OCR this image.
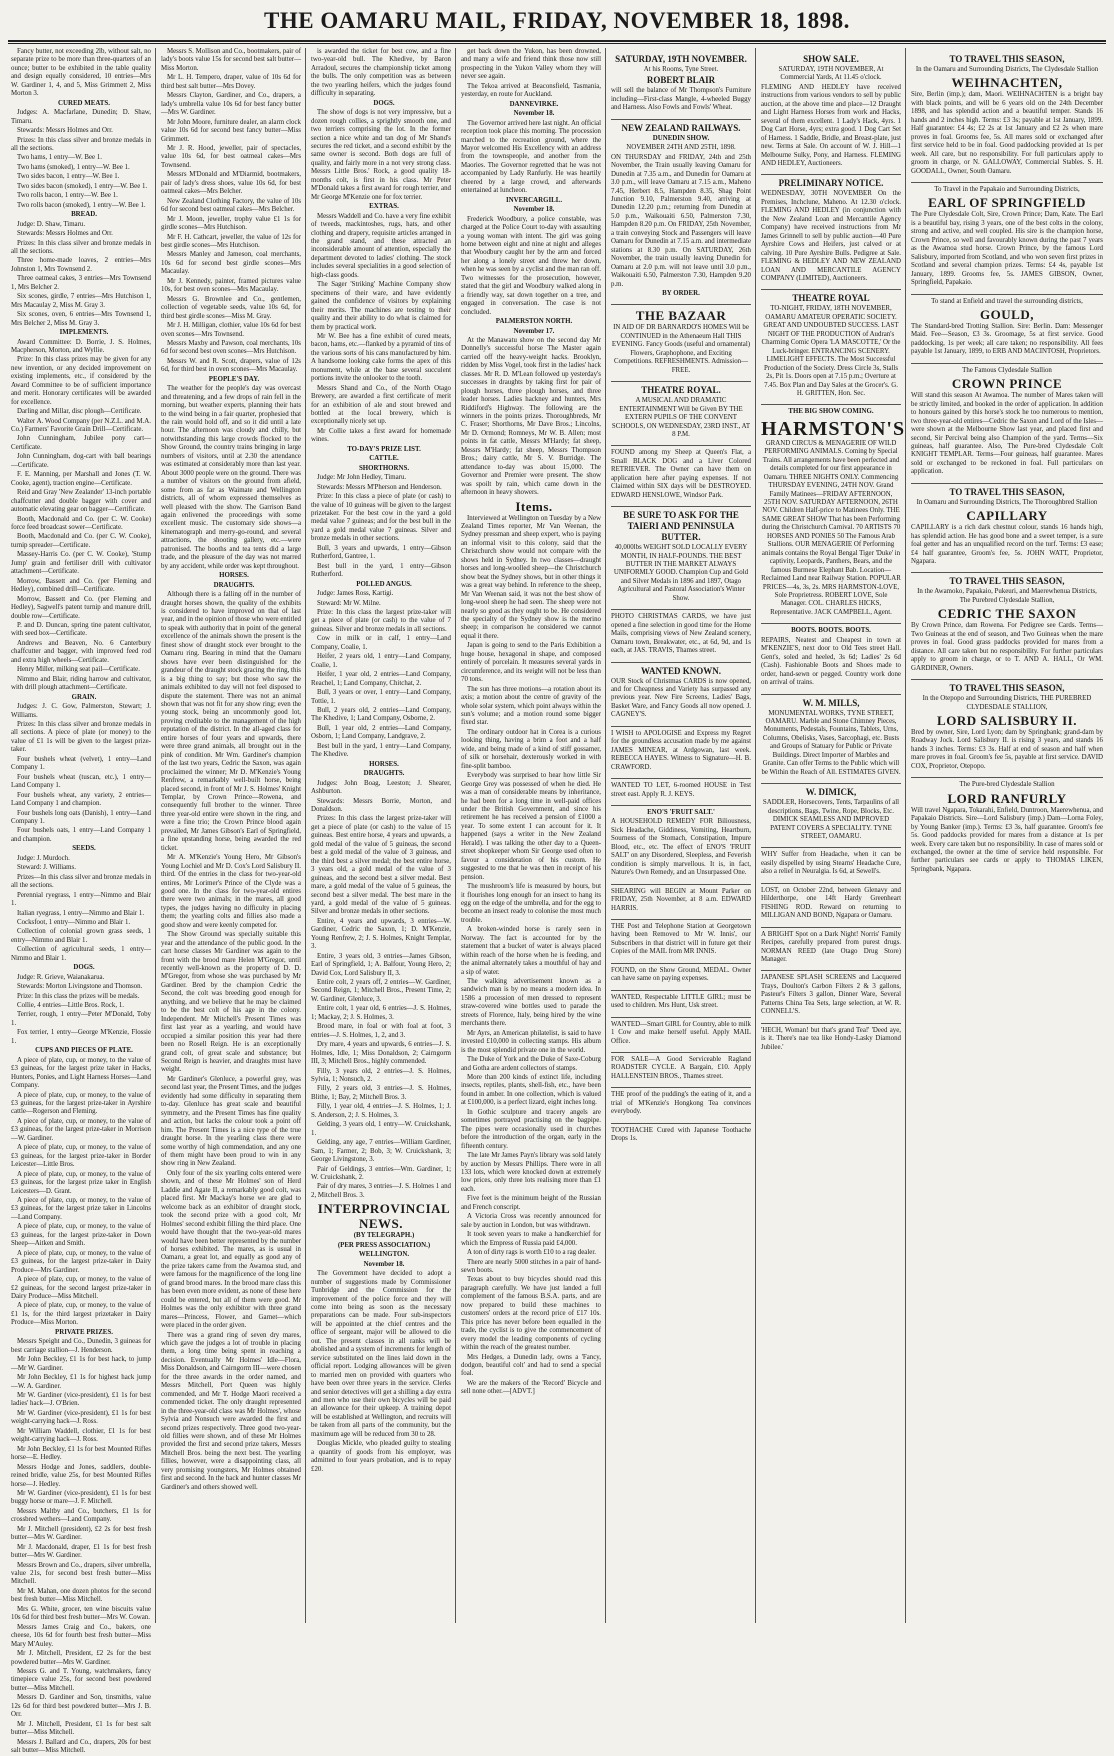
THE OAMARU MAIL, FRIDAY, NOVEMBER 18, 1898.

Fancy butter, not exceeding 2lb, without salt, no separate prize to be more than three-quarters of an ounce; butter to be exhibited in the table quality and design equally considered, 10 entries—Mrs W. Gardiner 1, 4, and 5, Miss Grimmett 2, Miss Morton 3.

CURED MEATS.

Judges: A. Macfarlane, Dunedin; D. Shaw, Timaru.

Stewards: Messrs Holmes and Orr.

Prizes: In this class silver and bronze medals in all the sections.

Two hams, 1 entry—W. Bee 1.

Two hams (smoked), 1 entry—W. Bee 1.

Two sides bacon, 1 entry—W. Bee 1.

Two sides bacon (smoked), 1 entry—W. Bee 1.

Two rolls bacon, 1 entry—W. Bee 1.

Two rolls bacon (smoked), 1 entry—W. Bee 1.

BREAD.

Judge: D. Shaw, Timaru.

Stewards: Messrs Holmes and Orr.

Prizes: In this class silver and bronze medals in all the sections.

Three home-made loaves, 2 entries—Mrs Johnston 1, Mrs Townsend 2.

Three oatmeal cakes, 3 entries—Mrs Townsend 1, Mrs Belcher 2.

Six scones, girdle, 7 entries—Mrs Hutchison 1, Mrs Macaulay 2, Miss M. Gray 3.

Six scones, oven, 6 entries—Mrs Townsend 1, Mrs Belcher 2, Miss M. Gray 3.

IMPLEMENTS.

Award Committee: D. Borrie, J. S. Holmes, Macpherson, Morton, and Wyllie.

Prize: In this class prizes may be given for any new invention, or any decided improvement on existing implements, etc., if considered by the Award Committee to be of sufficient importance and merit. Honorary certificates will be awarded for excellence.

Darling and Millar, disc plough—Certificate.

Walter A. Wood Company (per N.Z.L. and M.A. Co.) Farmers' Favorite Grain Drill—Certificate.

John Cunningham, Jubilee pony cart—Certificate.

John Cunningham, dog-cart with ball bearings—Certificate.

F. E. Manning, per Marshall and Jones (T. W. Cooke, agent), traction engine—Certificate.

Reid and Gray 'New Zealander' 13-inch portable chaffcutter and double bagger with cover and automatic elevating gear on bagger—Certificate.

Booth, Macdonald and Co. (per C. W. Cooke) force feed broadcast sower—Certificate.

Booth, Macdonald and Co. (per C. W. Cooke), turnip spreader—Certificate.

Massey-Harris Co. (per C. W. Cooke), 'Stump Jump' grain and fertiliser drill with cultivator attachment—Certificate.

Morrow, Bassett and Co. (per Fleming and Hedley), combined drill—Certificate.

Morrow, Bassett and Co. (per Fleming and Hedley), Sagwell's patent turnip and manure drill, double row—Certificate.

P. and D. Duncan, spring tine patent cultivator, with seed box—Certificate.

Andrews and Beaven, No. 6 Canterbury chaffcutter and bagger, with improved feed rod and extra high wheels—Certificate.

Henry Miller, milking seat pail—Certificate.

Nimmo and Blair, riding harrow and cultivator, with drill plough attachment—Certificate.

GRAIN.

Judges: J. C. Gow, Palmerston, Stewart; J. Williams.

Prizes: In this class silver and bronze medals in all sections. A piece of plate (or money) to the value of £1 1s will be given to the largest prize-taker.

Four bushels wheat (velvet), 1 entry—Land Company 1.

Four bushels wheat (tuscan, etc.), 1 entry—Land Company 1.

Four bushels wheat, any variety, 2 entries—Land Company 1 and champion.

Four bushels long oats (Danish), 1 entry—Land Company 1.

Four bushels oats, 1 entry—Land Company 1 and champion.

SEEDS.

Judge: J. Murdoch.

Steward: J. Williams.

Prizes—In this class silver and bronze medals in all the sections.

Perennial ryegrass, 1 entry—Nimmo and Blair 1.

Italian ryegrass, 1 entry—Nimmo and Blair 1.

Cocksfoot, 1 entry—Nimmo and Blair 1.

Collection of colonial grown grass seeds, 1 entry—Nimmo and Blair 1.

Collection of agricultural seeds, 1 entry—Nimmo and Blair 1.

DOGS.

Judge: R. Grieve, Waianakarua.

Stewards: Morton Livingstone and Thomson.

Prize: In this class the prizes will be medals.

Collie, 4 entries—Little Bros. Rock, 1.

Terrier, rough, 1 entry—Peter M'Donald, Toby 1.

Fox terrier, 1 entry—George M'Kenzie, Flossie 1.

CUPS AND PIECES OF PLATE.

A piece of plate, cup, or money, to the value of £3 guineas, for the largest prize taker in Hacks, Hunters, Ponies, and Light Harness Horses—Land Company.

A piece of plate, cup, or money, to the value of £3 guineas, for the largest prize-taker in Ayrshire cattle—Rogerson and Fleming.

A piece of plate, cup, or money, to the value of £3 guineas, for the largest prize-taker in Morrison—W. Gardiner.

A piece of plate, cup, or money, to the value of £3 guineas, for the largest prize-taker in Border Leicester—Little Bros.

A piece of plate, cup, or money, to the value of £3 guineas, for the largest prize taker in English Leicesters—D. Grant.

A piece of plate, cup, or money, to the value of £3 guineas, for the largest prize taker in Lincolns—Land Company.

A piece of plate, cup, or money, to the value of £3 guineas, for the largest prize-taker in Down Sheep—Aitken and Smith.

A piece of plate, cup, or money, to the value of £3 guineas, for the largest prize-taker in Dairy Produce—Mrs Gardiner.

A piece of plate, cup, or money, to the value of £2 guineas, for the second largest prize-taker in Dairy Produce—Miss Mitchell.

A piece of plate, cup, or money, to the value of £1 1s, for the third largest prizetaker in Dairy Produce—Miss Morton.

PRIVATE PRIZES.

Messrs Speight and Co., Dunedin, 3 guineas for best carriage stallion—J. Henderson.

Mr John Beckley, £1 1s for best hack, to jump—Mr W. Gardiner.

Mr John Beckley, £1 1s for highest hack jump—W. A. Gardiner.

Mr W. Gardiner (vice-president), £1 1s for best ladies' hack—J. O'Brien.

Mr W. Gardiner (vice-president), £1 1s for best weight-carrying hack—J. Ross.

Mr William Waddell, clothier, £1 1s for best weight-carrying hack—J. Ross.

Mr John Beckley, £1 1s for best Mounted Rifles horse—E. Hedley.

Messrs Hodge and Jones, saddlers, double-reined bridle, value 25s, for best Mounted Rifles horse—J. Hedley.

Mr W. Gardiner (vice-president), £1 1s for best buggy horse or mare—J. F. Mitchell.

Messrs Maltby and Co., butchers, £1 1s for crossbred wethers—Land Company.

Mr J. Mitchell (president), £2 2s for best fresh butter—Mrs W. Gardiner.

Mr J. Macdonald, draper, £1 1s for best fresh butter—Mrs W. Gardiner.

Messrs Brown and Co., drapers, silver umbrella, value 21s, for second best fresh butter—Miss Mitchell.

Mr M. Mahan, one dozen photos for the second best fresh butter—Miss Mitchell.

Mrs G. White, grocer, ten wine biscuits value 10s 6d for third best fresh butter—Mrs W. Cowan.

Messrs James Craig and Co., bakers, one cheese, 10s 6d for fourth best fresh butter—Miss Mary M'Auley.

Mr J. Mitchell, President, £2 2s for the best powdered butter—Mrs W. Gardiner.

Messrs G. and T. Young, watchmakers, fancy timepiece value 25s, for second best powdered butter—Miss Mitchell.

Messrs D. Gardiner and Son, tinsmiths, value 12s 6d for third best powdered butter—Mrs J. B. Orr.

Mr J. Mitchell, President, £1 1s for best salt butter—Miss Mitchell.

Messrs J. Ballard and Co., drapers, 20s for best salt butter—Miss Mitchell.

Messrs S. Mollison and Co., bootmakers, pair of lady's boots value 15s for second best salt butter—Miss Morton.

Mr L. H. Tempero, draper, value of 10s 6d for third best salt butter—Mrs Dovey.

Messrs Clayton, Gardiner, and Co., drapers, a lady's umbrella value 10s 6d for best fancy butter—Mrs W. Gardiner.

Mr John Moore, furniture dealer, an alarm clock value 10s 6d for second best fancy butter—Miss Grimmett.

Mr J. R. Hood, jeweller, pair of spectacles, value 10s 6d, for best oatmeal cakes—Mrs Townsend.

Messrs M'Donald and M'Diarmid, bootmakers, pair of lady's dress shoes, value 10s 6d, for best oatmeal cakes—Mrs Belcher.

New Zealand Clothing Factory, the value of 10s 6d for second best oatmeal cakes—Mrs Belcher.

Mr J. Moon, jeweller, trophy value £1 1s for girdle scones—Mrs Hutchison.

Mr F. H. Cathcart, jeweller, the value of 12s for best girdle scones—Mrs Hutchison.

Messrs Manley and Jameson, coal merchants, 10s 6d for second best girdle scones—Mrs Macaulay.

Mr J. Kennedy, painter, framed pictures value 10s, for best oven scones—Mrs Macaulay.

Messrs G. Brownlee and Co., gentlemen, collection of vegetable seeds, value 10s 6d, for third best girdle scones—Miss M. Gray.

Mr J. H. Milligan, clothier, value 10s 6d for best oven scones—Mrs Townsend.

Messrs Maxby and Pawson, coal merchants, 10s 6d for second best oven scones—Mrs Hutchison.

Messrs W. and R. Scott, drapers, value of 12s 6d, for third best in oven scones—Mrs Macaulay.

PEOPLE'S DAY.

The weather for the people's day was overcast and threatening, and a few drops of rain fell in the morning, but weather experts, planning their hats to the wind being in a fair quarter, prophesied that the rain would hold off, and so it did until a late hour. The afternoon was cloudy and chilly, but notwithstanding this large crowds flocked to the Show Ground, the country trains bringing in large numbers of visitors, until at 2.30 the attendance was estimated at considerably more than last year. About 3000 people were on the ground. There was a number of visitors on the ground from afield, some from as far as Waimate and Wellington districts, all of whom expressed themselves as well pleased with the show. The Garrison Band again enlivened the proceedings with some excellent music. The customary side shows—a kinematograph and merry-go-round, and several attractions, the shooting gallery, etc.—were patronised. The booths and tea tents did a large trade, and the pleasure of the day was not marred by any accident, while order was kept throughout.

HORSES.

DRAUGHTS.

Although there is a falling off in the number of draught horses shown, the quality of the exhibits is considered to have improved on that of last year, and in the opinion of those who were entitled to speak with authority that in point of the general excellence of the animals shown the present is the finest show of draught stock ever brought to the Oamaru ring. Bearing in mind that the Oamaru shows have ever been distinguished for the grandeur of the draught stock gracing the ring, this is a big thing to say; but those who saw the animals exhibited to day will not feel disposed to dispute the statement. There was not an animal shown that was not fit for any show ring; even the young stock, being an uncommonly good lot, proving creditable to the management of the high reputation of the district. In the all-aged class for entire horses of four years and upwards, there were three grand animals, all brought out in the pink of condition. Mr Wm. Gardiner's champion of the last two years, Cedric the Saxon, was again proclaimed the winner; Mr D. M'Kenzie's Young Renfrew, a remarkably well-built horse, being placed second, in front of Mr J. S. Holmes' Knight Templar, by Crown Prince—Rowena, and consequently full brother to the winner. Three three year-old entire were shown in the ring, and were a fine trio; the Crown Prince blood again prevailed, Mr James Gibson's Earl of Springfield, a fine upstanding horse, being awarded the red ticket.

Mr A. M'Kenzie's Young Hero, Mr Gibson's Young Lochiel and Mr D. Cox's Lord Salisbury II. third. Of the entries in the class for two-year-old entires, Mr Lorimer's Prince of the Clyde was a good one. In the class for two-year-old entires there were two animals; in the mares, all good types, the judges having no difficulty in placing them; the yearling colts and fillies also made a good show and were keenly competed for.

The Show Ground was specially suitable this year and the attendance of the public good. In the cart horse classes Mr Gardiner was again to the front with the brood mare Helen M'Gregor, until recently well-known as the property of D. D. M'Gregor, from whose she was purchased by Mr Gardiner. Bred by the champion Cedric the Second, the colt was breeding good enough for anything, and we believe that he may be claimed to be the best colt of his age in the colony. Independent. Mr Mitchell's Present Times was first last year as a yearling, and would have occupied a similar position this year had there been no Rosell Reign. He is an exceptionally grand colt, of great scale and substance; but Second Reign is heavier, and draughts must have weight.

Mr Gardiner's Glenluce, a powerful grey, was second last year, the Present Times, and the judges evidently had some difficulty in separating them to-day. Glenluce has great scale and beautiful symmetry, and the Present Times has fine quality and action, but lacks the colour took a point off him. The Present Times is a nice type of the true draught horse. In the yearling class there were some worthy of high commendation, and any one of them might have been proud to win in any show ring in New Zealand.

Only four of the six yearling colts entered were shown, and of these Mr Holmes' son of Herd Laddie and Agate II, a remarkably good colt, was placed first. Mr Mackay's horse we are glad to welcome back as an exhibitor of draught stock, took the second prize with a good colt, Mr Holmes' second exhibit filling the third place. One would have thought that the two-year-old mares would have been better represented by the number of horses exhibited. The mares, as is usual in Oamaru, a great lot, and equally as good any of the prize takers came from the Awamoa stud, and were famous for the magnificence of the long line of grand brood mares. In the brood mare class this has been even more evident, as none of these here could be entered, but all of them were good. Mr Holmes was the only exhibitor with three grand mares—Princess, Flower, and Garnet—which were placed in the order given.

There was a grand ring of seven dry mares, which gave the judges a lot of trouble in placing them, a long time being spent in reaching a decision. Eventually Mr Holmes' Idle—Flora, Miss Donaldson, and Cairngorm III—were chosen for the three awards in the order named, and Messrs Mitchell, Port Queen was highly commended, and Mr T. Hodge Maori received a commended ticket. The only draught represented in the three-year-old class was Mr Holmes', whose Sylvia and Nonsuch were awarded the first and second prizes respectively. Three good two-year-old fillies were shown, and of these Mr Holmes provided the first and second prize takers, Messrs Mitchell Bros. being the next best. The yearling fillies, however, were a disappointing class, all very promising youngsters, Mr Holmes obtained first and second. In the hack and hunter classes Mr Gardiner's and others showed well.

is awarded the ticket for best cow, and a fine two-year-old bull. The Khedive, by Baron Arradoul, secures the championship ticket among the bulls. The only competition was as between the two yearling heifers, which the judges found difficulty in separating.

DOGS.

The show of dogs is not very impressive, but a dozen rough collies, a sprightly smooth one, and two terriers comprising the lot. In the former section a nice white and tan dog of Mr Shand's secures the red ticket, and a second exhibit by the same owner is second. Both dogs are full of quality, and fairly more in a not very strong class. Messrs Little Bros.' Rock, a good quality 18-months colt, is first in his class. Mr Peter M'Donald takes a first award for rough terrier, and Mr George M'Kenzie one for fox terrier.

EXTRAS.

Messrs Waddell and Co. have a very fine exhibit of tweeds, mackintoshes, rugs, hats, and other clothing and drapery, requisite articles arranged in the grand stand, and these attracted an inconsiderable amount of attention, especially the department devoted to ladies' clothing. The stock includes several specialities in a good selection of high-class goods.

The Sager 'Striking' Machine Company show specimens of their ware, and have evidently gained the confidence of visitors by explaining their merits. The machines are testing to their quality and their ability to do what is claimed for them by practical work.

Mr W. Bee has a fine exhibit of cured meats, bacon, hams, etc.—flanked by a pyramid of tins of the various sorts of his cans manufactured by him. A handsome looking cake forms the apex of this monument, while at the base several succulent portions invite the onlooker to the tooth.

Messrs Shand and Co., of the North Otago Brewery, are awarded a first certificate of merit for an exhibition of ale and stout brewed and bottled at the local brewery, which is exceptionally nicely set up.

Mr Collie takes a first award for homemade wines.

TO-DAY'S PRIZE LIST.

CATTLE.

SHORTHORNS.

Judge: Mr John Hedley, Timaru.

Stewards: Messrs M'Pherson and Henderson.

Prize: In this class a piece of plate (or cash) to the value of 10 guineas will be given to the largest prizetaker. For the best cow in the yard a gold medal value 7 guineas; and for the best bull in the yard a gold medal value 7 guineas. Silver and bronze medals in other sections.

Bull, 3 years and upwards, 1 entry—Gibson Rutherford, Gantree, 1.

Best bull in the yard, 1 entry—Gibson Rutherford.

POLLED ANGUS.

Judge: James Ross, Kartigi.

Steward: Mr W. Milne.

Prize: In this class the largest prize-taker will get a piece of plate (or cash) to the value of 7 guineas. Silver and bronze medals in all sections.

Cow in milk or in calf, 1 entry—Land Company, Coalie, 1.

Heifer, 2 years old, 1 entry—Land Company, Coalie, 1.

Heifer, 1 year old, 2 entries—Land Company, Reachel, 1; Land Company, Chitchat, 2.

Bull, 3 years or over, 1 entry—Land Company, Tottie, 1.

Bull, 2 years old, 2 entries—Land Company, The Khedive, 1; Land Company, Osborne, 2.

Bull, 1 year old, 2 entries—Land Company, Osborn, 1; Land Company, Landgrave, 2.

Best bull in the yard, 1 entry—Land Company, The Khedive.

HORSES.

DRAUGHTS.

Judges: John Boag, Leeston; J. Shearer, Ashburton.

Stewards: Messrs Borrie, Morton, and Donaldson.

Prizes: In this class the largest prize-taker will get a piece of plate (or cash) to the value of 15 guineas. Best entire horse, 4 years and upwards, a gold medal of the value of 5 guineas, the second best a gold medal of the value of 3 guineas, and the third best a silver medal; the best entire horse, 3 years old, a gold medal of the value of 3 guineas, and the second best a silver medal. Best mare, a gold medal of the value of 5 guineas, the second best a silver medal. The best mare in the yard, a gold medal of the value of 5 guineas. Silver and bronze medals in other sections.

Entire, 4 years and upwards, 3 entries—W. Gardiner, Cedric the Saxon, 1; D. M'Kenzie, Young Renfrew, 2; J. S. Holmes, Knight Templar, 3.

Entire, 3 years old, 3 entries—James Gibson, Earl of Springfield, 1; A. Balfour, Young Hero, 2; David Cox, Lord Salisbury II, 3.

Entire colt, 2 years off, 2 entries—W. Gardiner, Second Reign, 1; Mitchell Bros., Present Time, 2; W. Gardiner, Glenluce, 3.

Entire colt, 1 year old, 6 entries—J. S. Holmes, 1; Mackay, 2; J. S. Holmes, 3.

Brood mare, in foal or with foal at foot, 3 entries—J. S. Holmes, 1, 2, and 3.

Dry mare, 4 years and upwards, 6 entries—J. S. Holmes, Idle, 1; Miss Donaldson, 2; Cairngorm III, 3; Mitchell Bros., highly commended.

Filly, 3 years old, 2 entries—J. S. Holmes, Sylvia, 1; Nonsuch, 2.

Filly, 2 years old, 3 entries—J. S. Holmes, Blithe, 1; Bay, 2; Mitchell Bros. 3.

Filly, 1 year old, 4 entries—J. S. Holmes, 1; J. S. Anderson, 2; J. S. Holmes, 3.

Gelding, 3 years old, 1 entry—W. Cruickshank, 1.

Gelding, any age, 7 entries—William Gardiner, Sam, 1; Farmer, 2; Bob, 3; W. Cruickshank, 3; George Livingstone, 3.

Pair of Geldings, 3 entries—Wm. Gardiner, 1; W. Cruickshank, 2.

Pair of dry mares, 3 entries—J. S. Holmes 1 and 2, Mitchell Bros. 3.

INTERPROVINCIAL NEWS.

(BY TELEGRAPH.)

(PER PRESS ASSOCIATION.)

WELLINGTON.

November 18.

The Government have decided to adopt a number of suggestions made by Commissioner Tunbridge and the Commission for the improvement of the police force and they will come into being as soon as the necessary preparations can be made. Four sub-inspectors will be appointed at the chief centres and the office of sergeant, major will be allowed to die out. The present classes in all ranks will be abolished and a system of increments for length of service substituted on the lines laid down in the official report. Lodging allowances will be given to married men on provided with quarters who have been over three years in the service. Clerks and senior detectives will get a shilling a day extra and men who use their own bicycles will be paid an allowance for their upkeep. A training depot will be established at Wellington, and recruits will be taken from all parts of the community, but the maximum age will be reduced from 30 to 28.

Douglas Mickle, who pleaded guilty to stealing a quantity of goods from his employer, was admitted to four years probation, and is to repay £20.

get back down the Yukon, has been drowned, and many a wife and friend think those now still prospecting in the Yukon Valley whom they will never see again.

The Tekoa arrived at Beaconsfield, Tasmania, yesterday, en route for Auckland.

DANNEVIRKE.

November 18.

The Governor arrived here last night. An official reception took place this morning. The procession marched to the recreation ground, where the Mayor welcomed His Excellency with an address from the townspeople, and another from the Maories. The Governor regretted that he was not accompanied by Lady Ranfurly. He was heartily cheered by a large crowd, and afterwards entertained at luncheon.

INVERCARGILL.

November 18.

Frederick Woodbury, a police constable, was charged at the Police Court to-day with assaulting a young woman with intent. The girl was going home between eight and nine at night and alleges that Woodbury caught her by the arm and forced her along a lonely street and threw her down, when he was seen by a cyclist and the man ran off. Two witnesses for the prosecution, however, stated that the girl and Woodbury walked along in a friendly way, sat down together on a tree, and engaged in conversation. The case is not concluded.

PALMERSTON NORTH.

November 17.

At the Manawatu show on the second day Mr Donnelly's successful horse The Master again carried off the heavy-weight hacks. Brooklyn, ridden by Miss Vogel, took first in the ladies' hack classes. Mr R. D. M'Lean followed up yesterday's successes in draughts by taking first for pair of plough horses, three plough horses, and three leader horses. Ladies hackney and hunters, Mrs Riddiford's Highway. The following are the winners in the points prizes. Thoroughbreds, Mr C. Fraser; Shorthorns, Mr Dave Bros.; Lincolns, Mr D. Ormond; Romneys, Mr W. B. Allen; most points in fat cattle, Messrs M'Hardy; fat sheep, Messrs M'Hardy; fat sheep, Messrs Thompson Bros.; dairy cattle, Mr S. V. Burridge. The attendance to-day was about 15,000. The Governor and Premier were present. The show was spoilt by rain, which came down in the afternoon in heavy showers.

Items.

Interviewed at Wellington on Tuesday by a New Zealand Times reporter, Mr Van Weenan, the Sydney pressman and sheep expert, who is paying an informal visit to this colony, said that the Christchurch show would not compare with the shows held in Sydney. In two classes—draught horses and long-woolled sheep—the Christchurch show beat the Sydney shows, but in other things it was a great way behind. In reference to the sheep, Mr Van Weenan said, it was not the best show of long-wool sheep he had seen. The sheep were not nearly so good as they ought to be. He considered the specialty of the Sydney show is the merino sheep; in comparison he considered we cannot equal it there.

Japan is going to send to the Paris Exhibition a huge house, hexagonal in shape, and composed entirely of porcelain. It measures several yards in circumference, and its weight will not be less than 70 tons.

The sun has three motions—a rotation about its axis; a motion about the centre of gravity of the whole solar system, which point always within the sun's volume; and a motion round some bigger fixed star.

The ordinary outdoor hat in Corea is a curious looking thing, having a brim a foot and a half wide, and being made of a kind of stiff gossamer, of silk or horsehair, dexterously worked in with fine-split bamboo.

Everybody was surprised to hear how little Sir George Grey was possessed of when he died. He was a man of considerable means by inheritance, he had been for a long time in well-paid offices under the British Government, and since his retirement he has received a pension of £1000 a year. To some extent I can account for it. It happened (says a writer in the New Zealand Herald). I was talking the other day to a Queen-street shopkeeper whom Sir George used often to favour a consideration of his custom. He suggested to me that he was then in receipt of his pension.

The mushroom's life is measured by hours, but it flourishes long enough for an insect to hang its egg on the edge of the umbrella, and for the egg to become an insect ready to colonise the most much trouble.

A broken-winded horse is rarely seen in Norway. The fact is accounted for by the statement that a bucket of water is always placed within reach of the horse when he is feeding, and the animal alternately takes a mouthful of hay and a sip of water.

The walking advertisement known as a sandwich man is by no means a modern idea. In 1586 a procession of men dressed to represent straw-covered wine bottles used to parade the streets of Florence, Italy, being hired by the wine merchants there.

Mr Ayrs, an American philatelist, is said to have invested £10,000 in collecting stamps. His album is the most splendid private one in the world.

The Duke of York and the Duke of Saxe-Coburg and Gotha are ardent collectors of stamps.

More than 200 kinds of extinct life, including insects, reptiles, plants, shell-fish, etc., have been found in amber. In one collection, which is valued at £100,000, is a perfect lizard, eight inches long.

In Gothic sculpture and tracery angels are sometimes portrayed practising on the bagpipe. The pipes were occasionally used in churches before the introduction of the organ, early in the fifteenth century.

The late Mr James Payn's library was sold lately by auction by Messrs Phillips. There were in all 133 lots, which were knocked down at extremely low prices, only three lots realising more than £1 each.

Five feet is the minimum height of the Russian and French conscript.

A Victoria Cross was recently announced for sale by auction in London, but was withdrawn.

It took seven years to make a handkerchief for which the Empress of Russia paid £4,000.

A ton of dirty rags is worth £10 to a rag dealer.

There are nearly 5000 stitches in a pair of hand-sewn boots.

Texas about to buy bicycles should read this paragraph carefully. We have just landed a full complement of the famous B.S.A. parts, and are now prepared to build these machines to customers' orders at the record price of £17 10s. This price has never before been equalled in the trade, the cyclist is to give the commencement of every model the leading components of cycling within the reach of the greatest number.

Mrs Hedges, a Dunedin lady, owns a 'Fancy, dodgon, beautiful colt' and had to send a special foal.

We are the makers of the 'Record' Bicycle and sell none other.—[ADVT.]

SATURDAY, 19TH NOVEMBER.

At his Rooms, Tyne Street.

ROBERT BLAIR

will sell the balance of Mr Thompson's Furniture including—First-class Mangle, 4-wheeled Buggy and Harness. Also Fowls and Fowls' Wheat.

NEW ZEALAND RAILWAYS.

DUNEDIN SHOW.

NOVEMBER 24TH AND 25TH, 1898.

ON THURSDAY and FRIDAY, 24th and 25th November, the Train usually leaving Oamaru for Dunedin at 7.35 a.m., and Dunedin for Oamaru at 3.0 p.m., will leave Oamaru at 7.15 a.m., Maheno 7.45, Herbert 8.5, Hampden 8.35, Shag Point Junction 9.10, Palmerston 9.40, arriving at Dunedin 12.20 p.m.; returning from Dunedin at 5.0 p.m., Waikouaiti 6.50, Palmerston 7.30, Hampden 8.20 p.m. On FRIDAY, 25th November, a train conveying Stock and Passengers will leave Oamaru for Dunedin at 7.15 a.m. and intermediate stations at 8.30 p.m. On SATURDAY, 26th November, the train usually leaving Dunedin for Oamaru at 2.0 p.m. will not leave until 3.0 p.m., Waikouaiti 6.50, Palmerston 7.30, Hampden 9.20 p.m.

BY ORDER.

THE BAZAAR

IN AID OF DR BARNARDO'S HOMES Will be CONTINUED in the Athenaeum Hall THIS EVENING. Fancy Goods (useful and ornamental) Flowers, Graphophone, and Exciting Competitions. REFRESHMENTS. Admission—FREE.

THEATRE ROYAL.

A MUSICAL AND DRAMATIC ENTERTAINMENT Will be Given BY THE EXTERN PUPILS OF THE CONVENT SCHOOLS, ON WEDNESDAY, 23RD INST., AT 8 P.M.

FOUND among my Sheep at Queen's Flat, a Small BLACK DOG and a Liver Colored RETRIEVER. The Owner can have them on application here after paying expenses. If not Claimed within SIX days will be DESTROYED. EDWARD HENSLOWE, Windsor Park.

BE SURE TO ASK FOR THE TAIERI AND PENINSULA BUTTER.

40,000lbs WEIGHT SOLD LOCALLY EVERY MONTH, IN HALF-POUNDS. THE BEST BUTTER IN THE MARKET ALWAYS UNIFORMLY GOOD. Champion Cup and Gold and Silver Medals in 1896 and 1897, Otago Agricultural and Pastoral Association's Winter Show.

PHOTO CHRISTMAS CARDS, we have just opened a fine selection in good time for the Home Mails, comprising views of New Zealand scenery, Oamaru town, Breakwater, etc., at 6d, 9d, and 1s each, at JAS. TRAVIS, Thames street.

WANTED KNOWN.

OUR Stock of Christmas CARDS is now opened, and for Cheapness and Variety has surpassed any previous year. New Fire Screens, Ladies' Bags, Basket Ware, and Fancy Goods all now opened. J. CAGNEY'S.

I WISH to APOLOGISE and Express my Regret for the groundless accusation made by me against JAMES MINEAR, at Ardgowan, last week. REBECCA HAYES. Witness to Signature—H. B. CRAWFORD.

WANTED TO LET, 6-roomed HOUSE in Test street east. Apply R. J. KEYS.

ENO'S 'FRUIT SALT.'

A HOUSEHOLD REMEDY FOR Biliousness, Sick Headache, Giddiness, Vomiting, Heartburn, Sourness of the Stomach, Constipation, Impure Blood, etc., etc. The effect of ENO'S 'FRUIT SALT' on any Disordered, Sleepless, and Feverish condition is simply marvellous. It is, in fact, Nature's Own Remedy, and an Unsurpassed One.

SHEARING will BEGIN at Mount Parker on FRIDAY, 25th November, at 8 a.m. EDWARD HARRIS.

THE Post and Telephone Station at Georgetown having been Removed to Mr W. Innis', our Subscribers in that district will in future get their Copies of the MAIL from MR INNIS.

FOUND, on the Show Ground, MEDAL. Owner can have same on paying expenses.

WANTED, Respectable LITTLE GIRL; must be used to children. Mrs Hunt, Usk street.

WANTED—Smart GIRL for Country, able to milk 1 Cow and make herself useful. Apply MAIL Office.

FOR SALE—A Good Serviceable Ragland ROADSTER CYCLE. A Bargain, £10. Apply HALLENSTEIN BROS., Thames street.

THE proof of the pudding's the eating of it, and a trial of M'Kenzie's Hongkong Tea convinces everybody.

TOOTHACHE Cured with Japanese Toothache Drops 1s.

SHOW SALE.

SATURDAY, 19TH NOVEMBER, At Commercial Yards, At 11.45 o'clock.

FLEMING AND HEDLEY have received instructions from various vendors to sell by public auction, at the above time and place—12 Draught and Light Harness Horses from work and Hacks, several of them excellent. 1 Lady's Hack, 4yrs. 1 Dog Cart Horse, 4yrs; extra good. 1 Dog Cart Set of Harness. 1 Saddle, Bridle, and Breast-plate, just new. Terms at Sale. On account of W. J. Hill—1 Melbourne Sulky, Pony, and Harness. FLEMING AND HEDLEY, Auctioneers.

PRELIMINARY NOTICE.

WEDNESDAY, 30TH NOVEMBER On the Premises, Inchclune, Maheno. At 12.30 o'clock. FLEMING AND HEDLEY (in conjunction with the New Zealand Loan and Mercantile Agency Company) have received instructions from Mr James Grinnell to sell by public auction—40 Pure Ayrshire Cows and Heifers, just calved or at calving. 10 Pure Ayrshire Bulls. Pedigree at Sale. FLEMING & HEDLEY AND NEW ZEALAND LOAN AND MERCANTILE AGENCY COMPANY (LIMITED), Auctioneers.

THEATRE ROYAL

TO-NIGHT, FRIDAY, 18TH NOVEMBER, OAMARU AMATEUR OPERATIC SOCIETY. GREAT AND UNDOUBTED SUCCESS. LAST NIGHT OF THE PRODUCTION of Audran's Charming Comic Opera 'LA MASCOTTE,' Or the Luck-bringer. ENTRANCING SCENERY. LIMELIGHT EFFECTS. The Most Successful Production of the Society. Dress Circle 3s, Stalls 2s, Pit 1s. Doors open at 7.15 p.m.; Overture at 7.45. Box Plan and Day Sales at the Grocer's. G. H. GRITTEN, Hon. Sec.

THE BIG SHOW COMING.

HARMSTON'S

GRAND CIRCUS & MENAGERIE OF WILD PERFORMING ANIMALS. Coming by Special Trains. All arrangements have been perfected and details completed for our first appearance in Oamaru. THREE NIGHTS ONLY. Commencing THURSDAY EVENING, 24TH NOV. Grand Family Matinees—FRIDAY AFTERNOON, 25TH NOV. SATURDAY AFTERNOON, 26TH NOV. Children Half-price to Matinees Only. THE SAME GREAT SHOW That has been Performing during the Christchurch Carnival. 70 ARTISTS 70 HORSES AND PONIES 50 The Famous Arab Stallions. OUR MENAGERIE Of Performing animals contains the Royal Bengal Tiger 'Duke' in captivity, Leopards, Panthers, Bears, and the famous Burmese Elephant Bab. Location—Reclaimed Land near Railway Station. POPULAR PRICES—4s, 3s, 2s. MRS HARMSTON-LOVE, Sole Proprietress. ROBERT LOVE, Sole Manager. COL. CHARLES HICKS, Representative. JACK CAMPBELL, Agent.

BOOTS. BOOTS. BOOTS.

REPAIRS, Neatest and Cheapest in town at M'KENZIE'S, next door to Old Tees street Hall. Gent's, soled and heeled, 3s 6d; Ladies' 2s 6d (Cash). Fashionable Boots and Shoes made to order, hand-sewn or pegged. Country work done on arrival of trains.

W. M. MILLS,

MONUMENTAL WORKS, TYNE STREET, OAMARU. Marble and Stone Chimney Pieces, Monuments, Pedestals, Fountains, Tablets, Urns, Columns, Obelisks, Vases, Sarcophagi, etc. Busts and Groups of Statuary for Public or Private Buildings. Direct Importer of Marbles and Granite. Can offer Terms to the Public which will be Within the Reach of All. ESTIMATES GIVEN.

W. DIMICK,

SADDLER, Horsecovers, Tents, Tarpaulins of all descriptions, Bags, Twine, Rope, Blocks, Etc. DIMICK SEAMLESS AND IMPROVED PATENT COVERS A SPECIALITY. TYNE STREET, OAMARU.

WHY Suffer from Headache, when it can be easily dispelled by using Stearns' Headache Cure, also a relief in Neuralgia. Is 6d, at Sewell's.

LOST, on October 22nd, between Glenavy and Hilderthorpe, one 14ft Hardy Greenheart FISHING ROD. Reward on returning to MILLIGAN AND BOND, Ngapara or Oamaru.

A BRIGHT Spot on a Dark Night! Norris' Family Recipes, carefully prepared from purest drugs. NORMAN REED (late Otago Drug Store) Manager.

JAPANESE SPLASH SCREENS and Lacquered Trays, Doulton's Carbon Filters 2 & 3 gallons, Pasteur's Filters 3 gallon, Dinner Ware, Several Patterns China Tea Sets, large selection, at W. R. CONNELL'S.

'HECH, Woman! but that's grand Tea!' 'Deed aye, is it. There's nae tea like Hondy-Lasky Diamond Jubilee.'

TO TRAVEL THIS SEASON,

In the Oamaru and Surrounding Districts, The Clydesdale Stallion

WEIHNACHTEN,

Sire, Berlin (imp.); dam, Maori. WEIHNACHTEN is a bright bay with black points, and will be 6 years old on the 24th December 1898, and has splendid action and a beautiful temper. Stands 16 hands and 2 inches high. Terms: £3 3s; payable at 1st January, 1899. Half guarantee: £4 4s; £2 2s at 1st January and £2 2s when mare proves in foal. Grooms fee, 5s. All mares sold or exchanged after first service held to be in foal. Good paddocking provided at 1s per week. All care, but no responsibility. For full particulars apply to groom in charge, or N. GALLOWAY, Commercial Stables. S. H. GOODALL, Owner, South Oamaru.

To Travel in the Papakaio and Surrounding Districts,

EARL OF SPRINGFIELD

The Pure Clydesdale Colt, Sire, Crown Prince; Dam, Kate. The Earl is a beautiful bay, rising 3 years, one of the best colts in the colony, strong and active, and well coupled. His sire is the champion horse, Crown Prince, so well and favourably known during the past 7 years as the Awamoa stud horse. Crown Prince, by the famous Lord Salisbury, imported from Scotland, and who won seven first prizes in Scotland and several champion prizes. Terms: £4 4s, payable 1st January, 1899. Grooms fee, 5s. JAMES GIBSON, Owner, Springfield, Papakaio.

To stand at Enfield and travel the surrounding districts,

GOULD,

The Standard-bred Trotting Stallion. Sire: Berlin. Dam: Messenger Maid. Fee—Season, £3 3s. Groomage, 5s at first service. Good paddocking, 1s per week; all care taken; no responsibility. All fees payable 1st January, 1899, to ERB AND MACINTOSH, Proprietors.

The Famous Clydesdale Stallion

CROWN PRINCE

Will stand this season At Awamoa. The number of Mares taken will be strictly limited, and booked in the order of application. In addition to honours gained by this horse's stock he too numerous to mention, two three-year-old entires—Cedric the Saxon and Lord of the Isles—were shown at the Melbourne Show last year, and placed first and second, Sir Percival being also Champion of the yard. Terms—Six guineas, half guarantee. Also, The Pure-bred Clydesdale Colt KNIGHT TEMPLAR. Terms—Four guineas, half guarantee. Mares sold or exchanged to be reckoned in foal. Full particulars on application.

TO TRAVEL THIS SEASON,

In Oamaru and Surrounding Districts, The Thoroughbred Stallion

CAPILLARY

CAPILLARY is a rich dark chestnut colour, stands 16 hands high, has splendid action. He has good bone and a sweet temper, is a sure foal getter and has an unqualified record on the turf. Terms: £3 ease; £4 half guarantee, Groom's fee, 5s. JOHN WATT, Proprietor, Ngapara.

TO TRAVEL THIS SEASON,

In the Awamoko, Papakaio, Pukeuri, and Maerewhenua Districts, The Purebred Clydesdale Stallion,

CEDRIC THE SAXON

By Crown Prince, dam Rowena. For Pedigree see Cards. Terms—Two Guineas at the end of season, and Two Guineas when the mare proves in foal. Good grass paddocks provided for mares from a distance. All care taken but no responsibility. For further particulars apply to groom in charge, or to T. AND A. HALL, Or WM. GARDINER, Owners.

TO TRAVEL THIS SEASON,

In the Otepopo and Surrounding Districts, THE PUREBRED CLYDESDALE STALLION,

LORD SALISBURY II.

Bred by owner, Sire, Lord Lyon; dam by Springbank; grand-dam by Roadway Jock. Lord Salisbury II. is rising 3 years, and stands 16 hands 3 inches. Terms: £3 3s. Half at end of season and half when mare proves in foal. Groom's fee 5s, payable at first service. DAVID COX, Proprietor, Otepopo.

The Pure-bred Clydesdale Stallion

LORD RANFURLY

Will travel Ngapara, Tokarahi, Enfield, Duntroon, Maerewhenua, and Papakaio Districts. Sire—Lord Salisbury (imp.) Dam—Lorna Foley, by Young Banker (imp.). Terms: £3 3s, half guarantee. Groom's fee 5s. Good paddocks provided for mares from a distance at 1s per week. Every care taken but no responsibility. In case of mares sold or exchanged, the owner at the time of service held responsible. For further particulars see cards or apply to THOMAS LIKEN, Springbank, Ngapara.
